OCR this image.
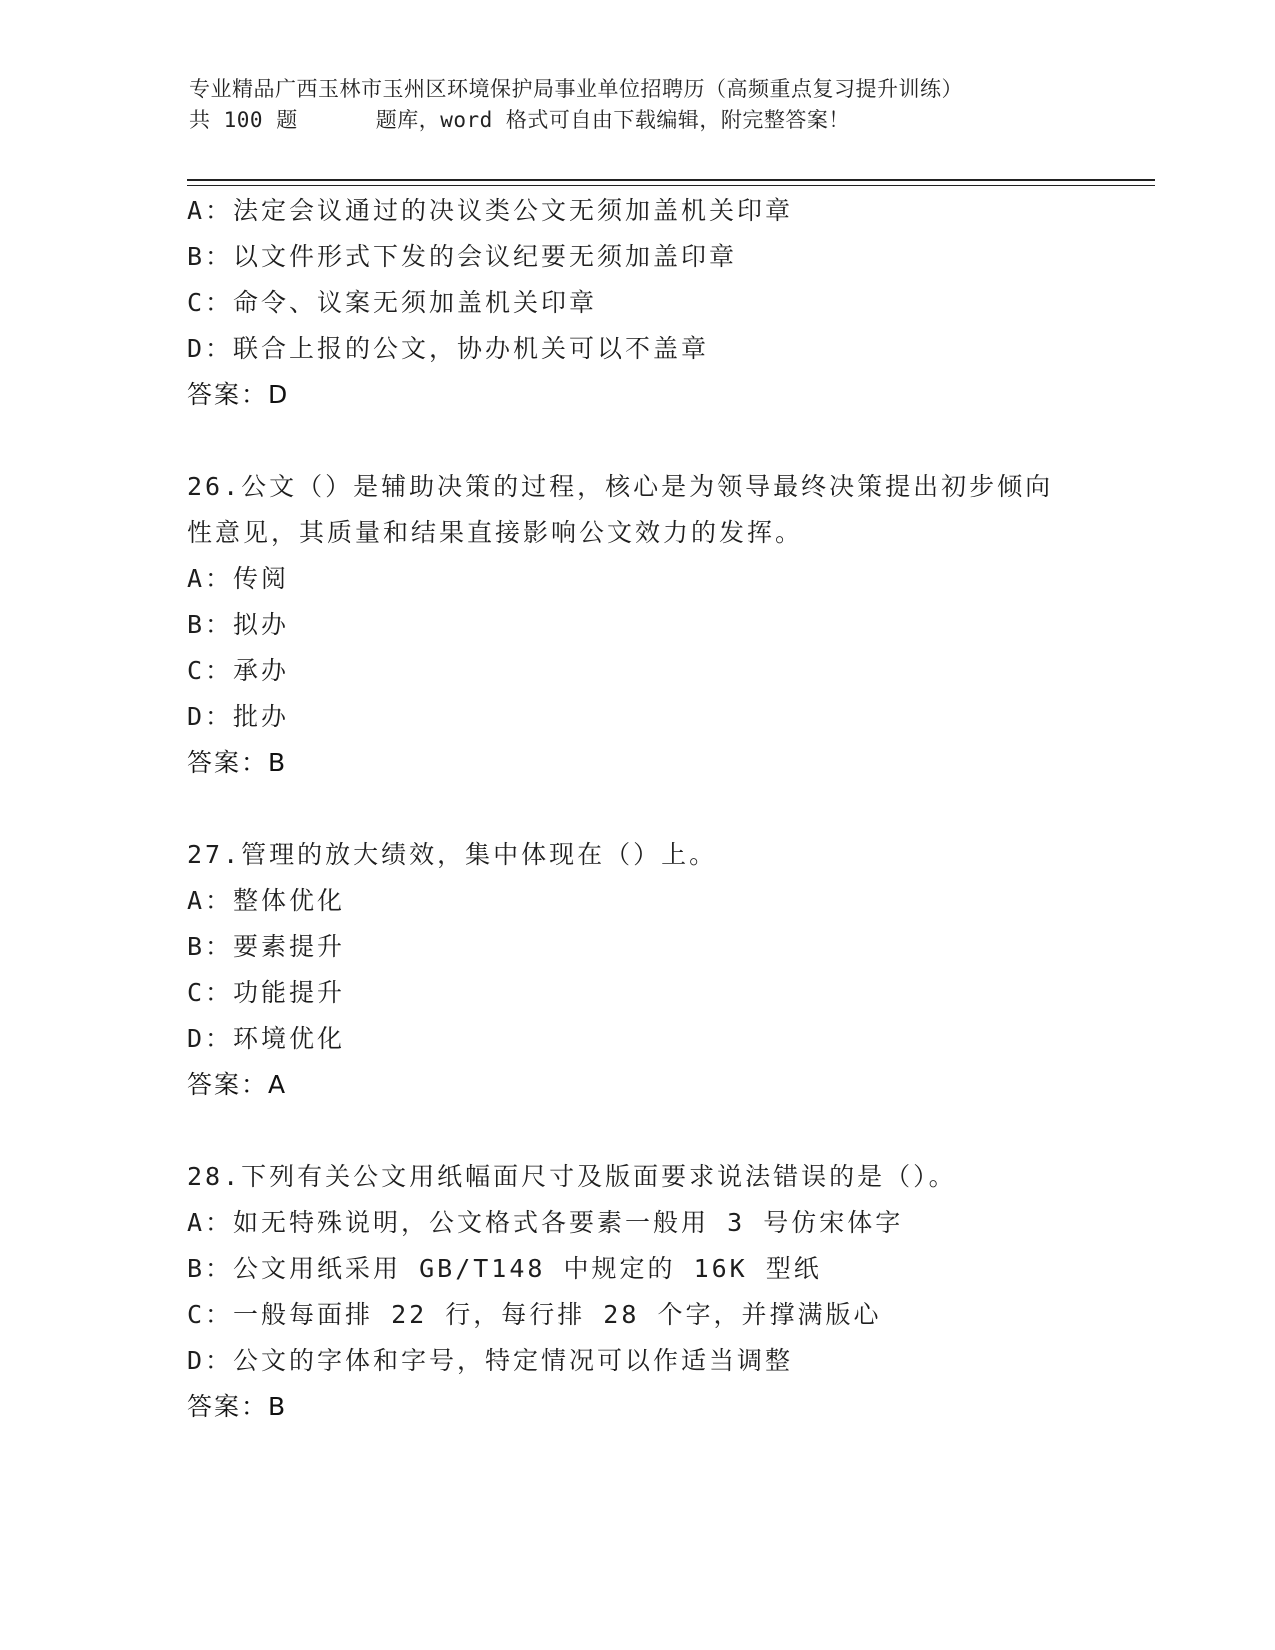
专业精品广西玉林市玉州区环境保护局事业单位招聘历（高频重点复习提升训练）
共 100 题	题库，word 格式可自由下载编辑，附完整答案！
A：法定会议通过的决议类公文无须加盖机关印章
B：以文件形式下发的会议纪要无须加盖印章
C：命令、议案无须加盖机关印章
D：联合上报的公文，协办机关可以不盖章
答案：D
26.公文（）是辅助决策的过程，核心是为领导最终决策提出初步倾向
性意见，其质量和结果直接影响公文效力的发挥。
A：传阅
B：拟办
C：承办
D：批办
答案：B
27.管理的放大绩效，集中体现在（）上。
A：整体优化
B：要素提升
C：功能提升
D：环境优化
答案：A
28.下列有关公文用纸幅面尺寸及版面要求说法错误的是（）。
A：如无特殊说明，公文格式各要素一般用 3 号仿宋体字
B：公文用纸采用 GB/T148 中规定的 16K 型纸
C：一般每面排 22 行，每行排 28 个字，并撑满版心
D：公文的字体和字号，特定情况可以作适当调整
答案：B
